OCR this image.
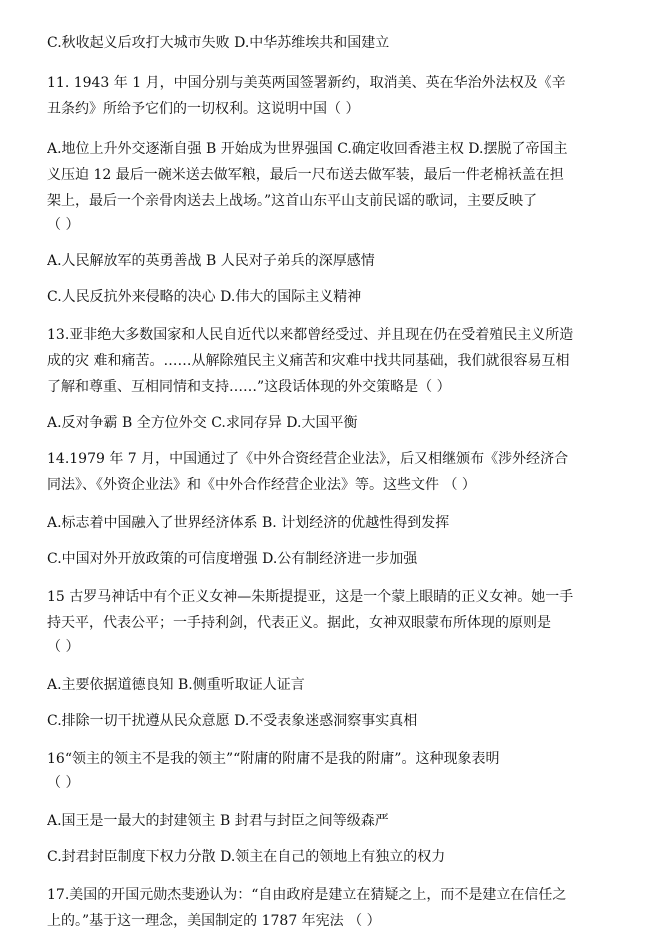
C.秋收起义后攻打大城市失败 D.中华苏维埃共和国建立
11. 1943 年 1 月，中国分别与美英两国签署新约，取消美、英在华治外法权及《辛
丑条约》所给予它们的一切权利。这说明中国（ ）
A.地位上升外交逐渐自强 B 开始成为世界强国 C.确定收回香港主权 D.摆脱了帝国主
义压迫 12 最后一碗米送去做军粮，最后一尺布送去做军装，最后一件老棉袄盖在担
架上，最后一个亲骨肉送去上战场。”这首山东平山支前民谣的歌词，主要反映了
（ ）
A.人民解放军的英勇善战 B 人民对子弟兵的深厚感情
C.人民反抗外来侵略的决心 D.伟大的国际主义精神
13.亚非绝大多数国家和人民自近代以来都曾经受过、并且现在仍在受着殖民主义所造
成的灾 难和痛苦。……从解除殖民主义痛苦和灾难中找共同基础，我们就很容易互相
了解和尊重、互相同情和支持……”这段话体现的外交策略是（ ）
A.反对争霸 B 全方位外交 C.求同存异 D.大国平衡
14.1979 年 7 月，中国通过了《中外合资经营企业法》，后又相继颁布《涉外经济合
同法》、《外资企业法》和《中外合作经营企业法》等。这些文件 （ ）
A.标志着中国融入了世界经济体系 B. 计划经济的优越性得到发挥
C.中国对外开放政策的可信度增强 D.公有制经济进一步加强
15 古罗马神话中有个正义女神—朱斯提提亚，这是一个蒙上眼睛的正义女神。她一手
持天平，代表公平；一手持利剑，代表正义。据此，女神双眼蒙布所体现的原则是
（ ）
A.主要依据道德良知 B.侧重听取证人证言
C.排除一切干扰遵从民众意愿 D.不受表象迷惑洞察事实真相
16“领主的领主不是我的领主”“附庸的附庸不是我的附庸”。这种现象表明
（ ）
A.国王是一最大的封建领主 B 封君与封臣之间等级森严
C.封君封臣制度下权力分散 D.领主在自己的领地上有独立的权力
17.美国的开国元勋杰斐逊认为：“自由政府是建立在猜疑之上，而不是建立在信任之
上的。”基于这一理念，美国制定的 1787 年宪法 （ ）
